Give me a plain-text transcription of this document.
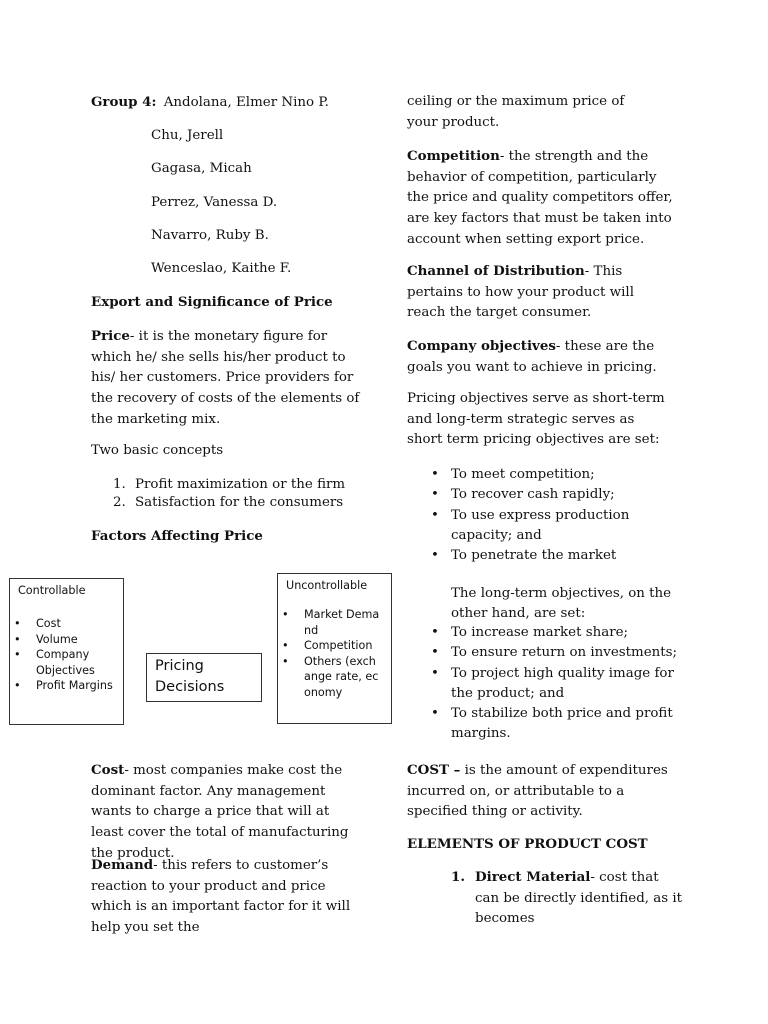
Group 4: Andolana, Elmer Nino P.
Chu, Jerell
Gagasa, Micah
Perrez, Vanessa D.
Navarro, Ruby B.
Wenceslao, Kaithe F.
Export and Significance of Price
Price- it is the monetary figure for which he/ she sells his/her product to his/ her customers. Price providers for the recovery of costs of the elements of the marketing mix.
Two basic concepts
1. Profit maximization or the firm
2. Satisfaction for the consumers
Factors Affecting Price
Controllable
• Cost
• Volume
• Company Objectives
• Profit Margins
Pricing Decisions
Uncontrollable
• Market Demand
• Competition
• Others (exchange rate, economy
Cost- most companies make cost the dominant factor. Any management wants to charge a price that will at least cover the total of manufacturing the product.
Demand- this refers to customer’s reaction to your product and price which is an important factor for it will help you set the
ceiling or the maximum price of your product.
Competition- the strength and the behavior of competition, particularly the price and quality competitors offer, are key factors that must be taken into account when setting export price.
Channel of Distribution- This pertains to how your product will reach the target consumer.
Company objectives- these are the goals you want to achieve in pricing.
Pricing objectives serve as short-term and long-term strategic serves as short term pricing objectives are set:
• To meet competition;
• To recover cash rapidly;
• To use express production capacity; and
• To penetrate the market
The long-term objectives, on the other hand, are set:
• To increase market share;
• To ensure return on investments;
• To project high quality image for the product; and
• To stabilize both price and profit margins.
COST – is the amount of expenditures incurred on, or attributable to a specified thing or activity.
ELEMENTS OF PRODUCT COST
1. Direct Material- cost that can be directly identified, as it becomes
